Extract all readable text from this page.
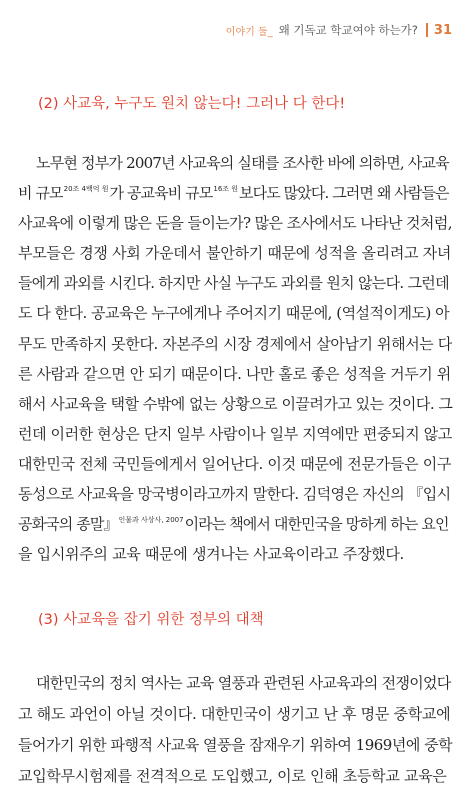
이야기 둘_ 왜 기독교 학교여야 하는가? 31
(2) 사교육, 누구도 원치 않는다! 그러나 다 한다!
노무현 정부가 2007년 사교육의 실태를 조사한 바에 의하면, 사교육
비 규모$^{20조 4백억 원}$가 공교육비 규모$^{16조 원}$보다도 많았다. 그러면 왜 사람들은
사교육에 이렇게 많은 돈을 들이는가? 많은 조사에서도 나타난 것처럼,
부모들은 경쟁 사회 가운데서 불안하기 때문에 성적을 올리려고 자녀
들에게 과외를 시킨다. 하지만 사실 누구도 과외를 원치 않는다. 그런데
도 다 한다. 공교육은 누구에게나 주어지기 때문에, (역설적이게도) 아
무도 만족하지 못한다. 자본주의 시장 경제에서 살아남기 위해서는 다
른 사람과 같으면 안 되기 때문이다. 나만 홀로 좋은 성적을 거두기 위
해서 사교육을 택할 수밖에 없는 상황으로 이끌려가고 있는 것이다. 그
런데 이러한 현상은 단지 일부 사람이나 일부 지역에만 편중되지 않고
대한민국 전체 국민들에게서 일어난다. 이것 때문에 전문가들은 이구
동성으로 사교육을 망국병이라고까지 말한다. 김덕영은 자신의 『입시
공화국의 종말』$^{인물과 사상사, 2007}$이라는 책에서 대한민국을 망하게 하는 요인
을 입시위주의 교육 때문에 생겨나는 사교육이라고 주장했다.
(3) 사교육을 잡기 위한 정부의 대책
대한민국의 정치 역사는 교육 열풍과 관련된 사교육과의 전쟁이었다
고 해도 과언이 아닐 것이다. 대한민국이 생기고 난 후 명문 중학교에
들어가기 위한 파행적 사교육 열풍을 잠재우기 위하여 1969년에 중학
교입학무시험제를 전격적으로 도입했고, 이로 인해 초등학교 교육은
